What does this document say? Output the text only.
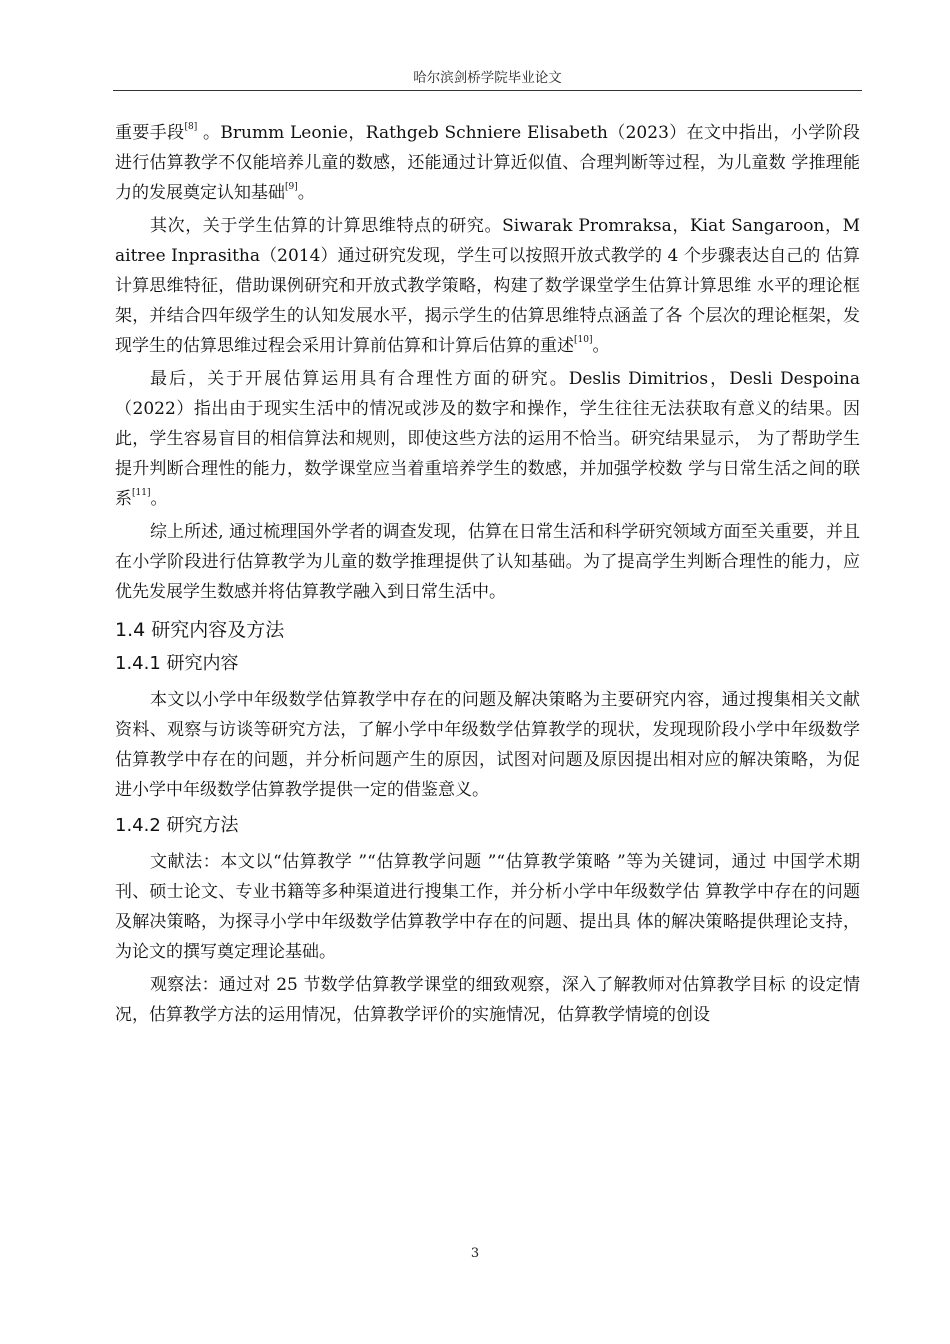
哈尔滨剑桥学院毕业论文

重要手段[8] 。Brumm Leonie，Rathgeb Schniere Elisabeth（2023）在文中指出，小学阶段 进行估算教学不仅能培养儿童的数感，还能通过计算近似值、合理判断等过程，为儿童数 学推理能力的发展奠定认知基础[9]。

其次，关于学生估算的计算思维特点的研究。Siwarak Promraksa，Kiat Sangaroon，M aitree Inprasitha（2014）通过研究发现，学生可以按照开放式教学的 4 个步骤表达自己的 估算计算思维特征，借助课例研究和开放式教学策略，构建了数学课堂学生估算计算思维 水平的理论框架，并结合四年级学生的认知发展水平，揭示学生的估算思维特点涵盖了各 个层次的理论框架，发现学生的估算思维过程会采用计算前估算和计算后估算的重述[10]。

最后，关于开展估算运用具有合理性方面的研究。Deslis Dimitrios，Desli Despoina（2022）指出由于现实生活中的情况或涉及的数字和操作，学生往往无法获取有意义的结果。因此，学生容易盲目的相信算法和规则，即使这些方法的运用不恰当。研究结果显示， 为了帮助学生提升判断合理性的能力，数学课堂应当着重培养学生的数感，并加强学校数 学与日常生活之间的联系[11]。

综上所述, 通过梳理国外学者的调查发现，估算在日常生活和科学研究领域方面至关重要，并且在小学阶段进行估算教学为儿童的数学推理提供了认知基础。为了提高学生判断合理性的能力，应优先发展学生数感并将估算教学融入到日常生活中。

1.4 研究内容及方法
1.4.1 研究内容

本文以小学中年级数学估算教学中存在的问题及解决策略为主要研究内容，通过搜集相关文献资料、观察与访谈等研究方法，了解小学中年级数学估算教学的现状，发现现阶段小学中年级数学估算教学中存在的问题，并分析问题产生的原因，试图对问题及原因提出相对应的解决策略，为促进小学中年级数学估算教学提供一定的借鉴意义。

1.4.2 研究方法

文献法：本文以“估算教学 ”“估算教学问题 ”“估算教学策略 ”等为关键词，通过 中国学术期刊、硕士论文、专业书籍等多种渠道进行搜集工作，并分析小学中年级数学估 算教学中存在的问题及解决策略，为探寻小学中年级数学估算教学中存在的问题、提出具 体的解决策略提供理论支持，为论文的撰写奠定理论基础。

观察法：通过对 25 节数学估算教学课堂的细致观察，深入了解教师对估算教学目标 的设定情况，估算教学方法的运用情况，估算教学评价的实施情况，估算教学情境的创设

3
